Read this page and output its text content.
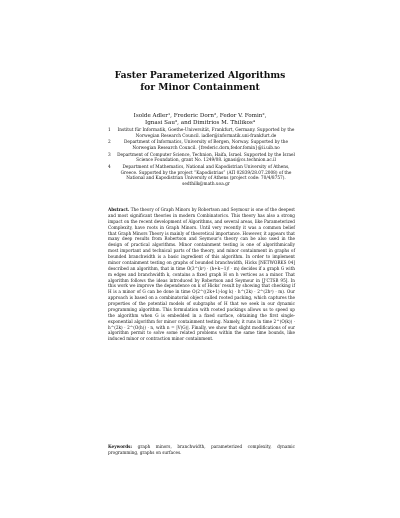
Faster Parameterized Algorithms
for Minor Containment
Isolde Adler¹, Frederic Dorn², Fedor V. Fomin²,
Ignasi Sau³, and Dimitrios M. Thilikos⁴
1 Institut für Informatik, Goethe-Universität, Frankfurt, Germany. Supported by the Norwegian Research Council. iadler@informatik.uni-frankfurt.de
2	Department of Informatics, University of Bergen, Norway. Supported by the Norwegian Research Council. {frederic.dorn,fedor.fomin}@ii.uib.no
3 Department of Computer Science, Technion, Haifa, Israel. Supported by the Israel Science Foundation, grant No. 1249/08. ignasi@cs.technion.ac.il
4	Department of Mathematics, National and Kapodistrian University of Athens, Greece. Supported by the project “Kapodistrias” (ΑΠ 02839/28.07.2008) of the National and Kapodistrian University of Athens (project code: 70/4/8757). sedthilk@math.uoa.gr
Abstract. The theory of Graph Minors by Robertson and Seymour is one of the deepest and most significant theories in modern Combinatorics. This theory has also a strong impact on the recent development of Algorithms, and several areas, like Parameterized Complexity, have roots in Graph Minors. Until very recently it was a common belief that Graph Minors Theory is mainly of theoretical importance. However, it appears that many deep results from Robertson and Seymour’s theory can be also used in the design of practical algorithms. Minor containment testing is one of algorithmically most important and technical parts of the theory, and minor containment in graphs of bounded branchwidth is a basic ingredient of this algorithm. In order to implement minor containment testing on graphs of bounded branchwidth, Hicks [NETWORKS 04] described an algorithm, that in time O(3^(k²) · (h+k−1)! · m) decides if a graph G with m edges and branchwidth k, contains a fixed graph H on h vertices as a minor. That algorithm follows the ideas introduced by Robertson and Seymour in [J’CTSB 95]. In this work we improve the dependence on k of Hicks’ result by showing that checking if H is a minor of G can be done in time O(2^((2k+1)·log k) · h^(2k) · 2^(2h²) · m). Our approach is based on a combinatorial object called rooted packing, which captures the properties of the potential models of subgraphs of H that we seek in our dynamic programming algorithm. This formulation with rooted packings allows us to speed up the algorithm when G is embedded in a fixed surface, obtaining the first single-exponential algorithm for minor containment testing. Namely, it runs in time 2^(O(k)) · h^(2k) · 2^(O(h)) · n, with n = |V(G)|. Finally, we show that slight modifications of our algorithm permit to solve some related problems within the same time bounds, like induced minor or contraction minor containment.
Keywords: graph minors, branchwidth, parameterized complexity, dynamic programming, graphs on surfaces.
